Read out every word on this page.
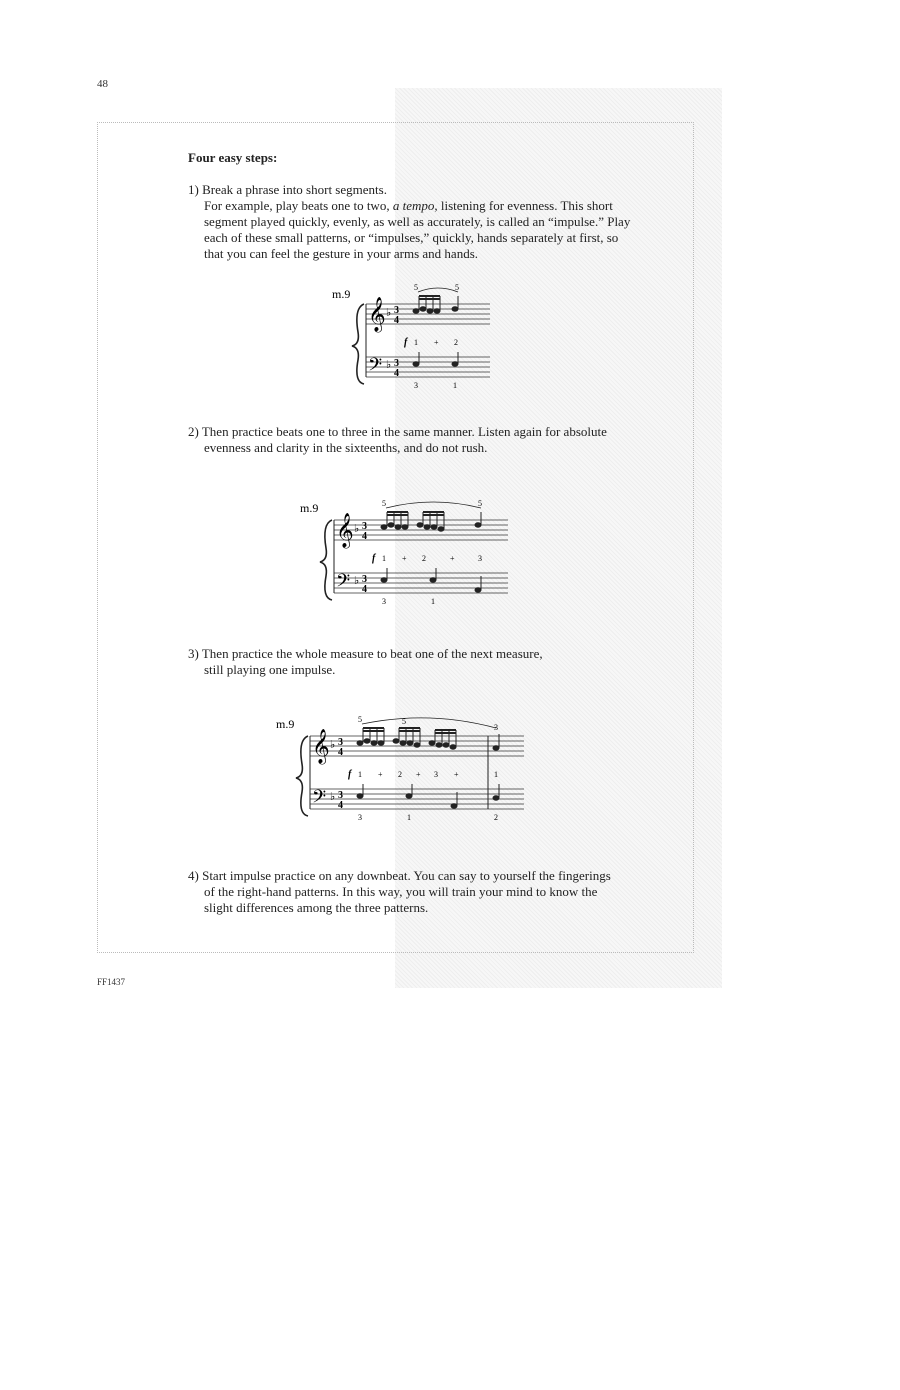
48
Four easy steps:
1) Break a phrase into short segments.
For example, play beats one to two, a tempo, listening for evenness. This short
segment played quickly, evenly, as well as accurately, is called an “impulse.” Play
each of these small patterns, or “impulses,” quickly, hands separately at first, so
that you can feel the gesture in your arms and hands.
m.9
𝄞
𝄢
♭
♭
3
4
3
4
5	5
f 1 + 2
3	1
2) Then practice beats one to three in the same manner. Listen again for absolute
evenness and clarity in the sixteenths, and do not rush.
m.9
𝄞
𝄢
♭
♭
3
4
3
4
5	5
f 1 + 2	+	3
3	1
3) Then practice the whole measure to beat one of the next measure,
still playing one impulse.
m.9
𝄞
𝄢
♭
♭
3
4
3
4
5	5
3
f 1 + 2 + 3 +	1
3	1	2
4) Start impulse practice on any downbeat. You can say to yourself the fingerings
of the right-hand patterns. In this way, you will train your mind to know the
slight differences among the three patterns.
FF1437
